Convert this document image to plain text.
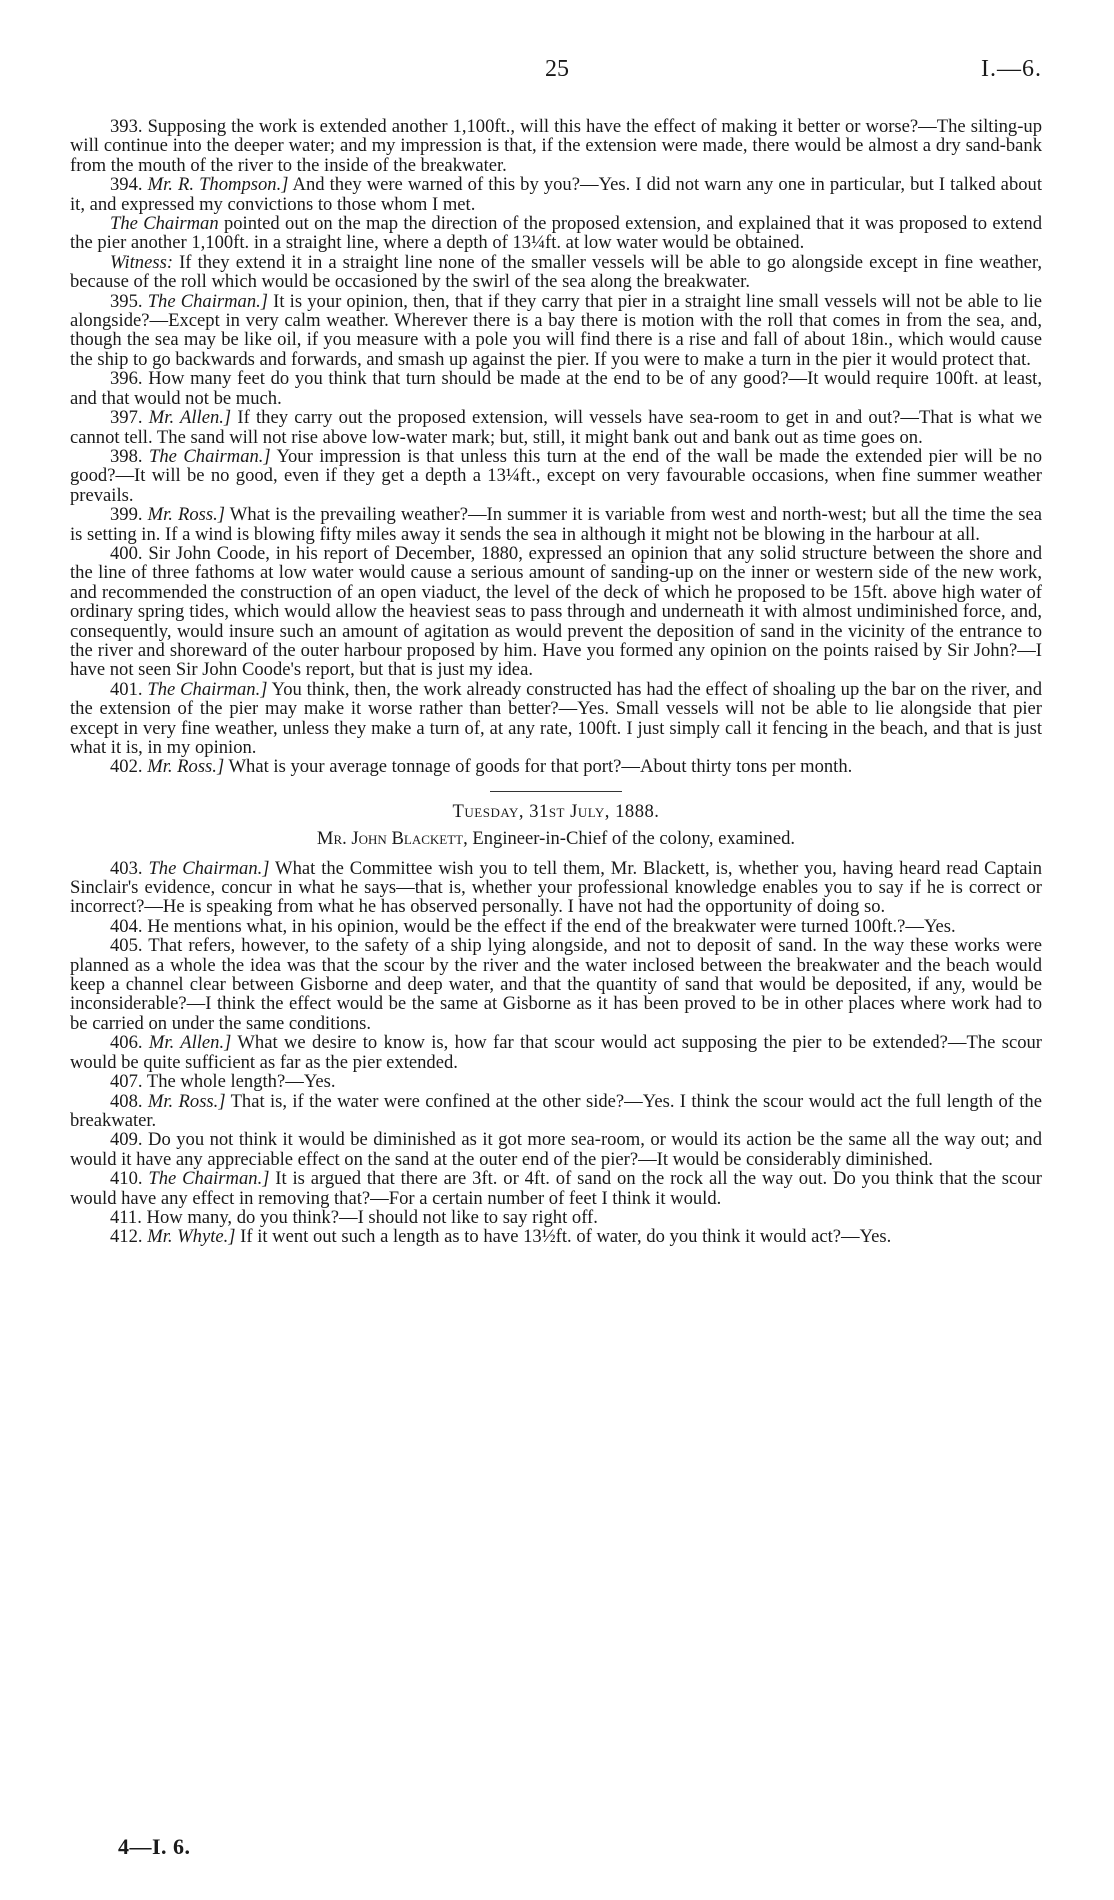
25	I.—6.

393. Supposing the work is extended another 1,100ft., will this have the effect of making it better or worse?—The silting-up will continue into the deeper water; and my impression is that, if the extension were made, there would be almost a dry sand-bank from the mouth of the river to the inside of the breakwater.

394. Mr. R. Thompson.] And they were warned of this by you?—Yes. I did not warn any one in particular, but I talked about it, and expressed my convictions to those whom I met.

The Chairman pointed out on the map the direction of the proposed extension, and explained that it was proposed to extend the pier another 1,100ft. in a straight line, where a depth of 13¼ft. at low water would be obtained.

Witness: If they extend it in a straight line none of the smaller vessels will be able to go alongside except in fine weather, because of the roll which would be occasioned by the swirl of the sea along the breakwater.

395. The Chairman.] It is your opinion, then, that if they carry that pier in a straight line small vessels will not be able to lie alongside?—Except in very calm weather. Wherever there is a bay there is motion with the roll that comes in from the sea, and, though the sea may be like oil, if you measure with a pole you will find there is a rise and fall of about 18in., which would cause the ship to go backwards and forwards, and smash up against the pier. If you were to make a turn in the pier it would protect that.

396. How many feet do you think that turn should be made at the end to be of any good?—It would require 100ft. at least, and that would not be much.

397. Mr. Allen.] If they carry out the proposed extension, will vessels have sea-room to get in and out?—That is what we cannot tell. The sand will not rise above low-water mark; but, still, it might bank out and bank out as time goes on.

398. The Chairman.] Your impression is that unless this turn at the end of the wall be made the extended pier will be no good?—It will be no good, even if they get a depth a 13¼ft., except on very favourable occasions, when fine summer weather prevails.

399. Mr. Ross.] What is the prevailing weather?—In summer it is variable from west and north-west; but all the time the sea is setting in. If a wind is blowing fifty miles away it sends the sea in although it might not be blowing in the harbour at all.

400. Sir John Coode, in his report of December, 1880, expressed an opinion that any solid structure between the shore and the line of three fathoms at low water would cause a serious amount of sanding-up on the inner or western side of the new work, and recommended the construction of an open viaduct, the level of the deck of which he proposed to be 15ft. above high water of ordinary spring tides, which would allow the heaviest seas to pass through and underneath it with almost undiminished force, and, consequently, would insure such an amount of agitation as would prevent the deposition of sand in the vicinity of the entrance to the river and shoreward of the outer harbour proposed by him. Have you formed any opinion on the points raised by Sir John?—I have not seen Sir John Coode's report, but that is just my idea.

401. The Chairman.] You think, then, the work already constructed has had the effect of shoaling up the bar on the river, and the extension of the pier may make it worse rather than better?—Yes. Small vessels will not be able to lie alongside that pier except in very fine weather, unless they make a turn of, at any rate, 100ft. I just simply call it fencing in the beach, and that is just what it is, in my opinion.

402. Mr. Ross.] What is your average tonnage of goods for that port?—About thirty tons per month.

Tuesday, 31st July, 1888.

Mr. John Blackett, Engineer-in-Chief of the colony, examined.

403. The Chairman.] What the Committee wish you to tell them, Mr. Blackett, is, whether you, having heard read Captain Sinclair's evidence, concur in what he says—that is, whether your professional knowledge enables you to say if he is correct or incorrect?—He is speaking from what he has observed personally. I have not had the opportunity of doing so.

404. He mentions what, in his opinion, would be the effect if the end of the breakwater were turned 100ft.?—Yes.

405. That refers, however, to the safety of a ship lying alongside, and not to deposit of sand. In the way these works were planned as a whole the idea was that the scour by the river and the water inclosed between the breakwater and the beach would keep a channel clear between Gisborne and deep water, and that the quantity of sand that would be deposited, if any, would be inconsiderable?—I think the effect would be the same at Gisborne as it has been proved to be in other places where work had to be carried on under the same conditions.

406. Mr. Allen.] What we desire to know is, how far that scour would act supposing the pier to be extended?—The scour would be quite sufficient as far as the pier extended.

407. The whole length?—Yes.

408. Mr. Ross.] That is, if the water were confined at the other side?—Yes. I think the scour would act the full length of the breakwater.

409. Do you not think it would be diminished as it got more sea-room, or would its action be the same all the way out; and would it have any appreciable effect on the sand at the outer end of the pier?—It would be considerably diminished.

410. The Chairman.] It is argued that there are 3ft. or 4ft. of sand on the rock all the way out. Do you think that the scour would have any effect in removing that?—For a certain number of feet I think it would.

411. How many, do you think?—I should not like to say right off.

412. Mr. Whyte.] If it went out such a length as to have 13½ft. of water, do you think it would act?—Yes.

4—I. 6.
